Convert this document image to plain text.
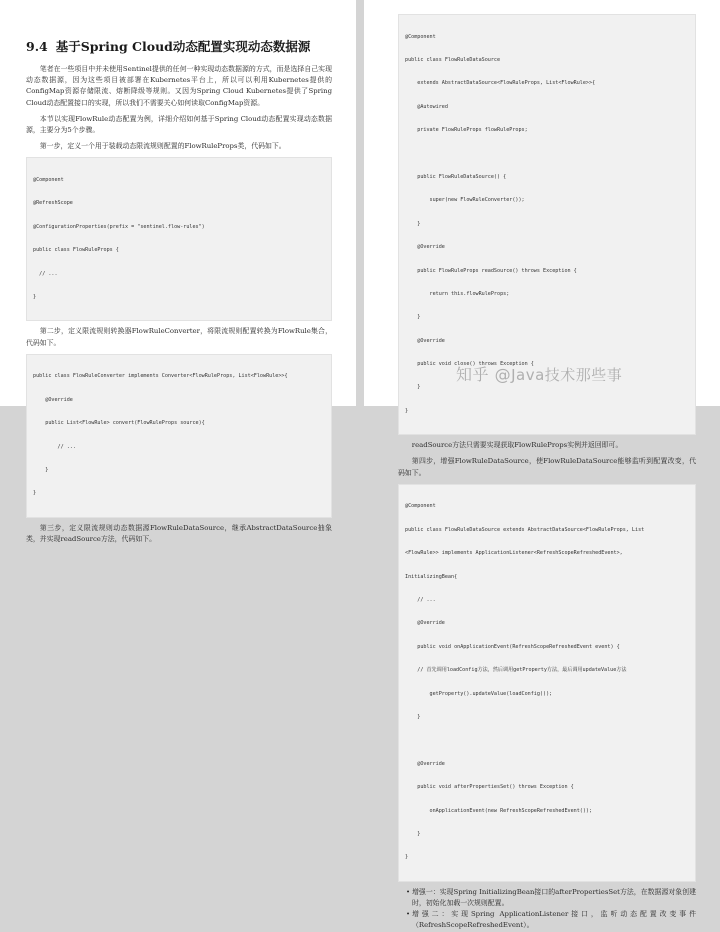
9.4 基于Spring Cloud动态配置实现动态数据源

笔者在一些项目中并未使用Sentinel提供的任何一种实现动态数据源的方式，而是选择自己实现动态数据源，因为这些项目被部署在Kubernetes平台上，所以可以利用Kubernetes提供的ConfigMap资源存储限流、熔断降级等规则。又因为Spring Cloud Kubernetes提供了Spring Cloud动态配置接口的实现，所以我们不需要关心如何读取ConfigMap资源。

本节以实现FlowRule动态配置为例，详细介绍如何基于Spring Cloud动态配置实现动态数据源，主要分为5个步骤。

第一步，定义一个用于装载动态限流规则配置的FlowRuleProps类，代码如下。

@Component

@RefreshScope

@ConfigurationProperties(prefix = "sentinel.flow-rules")

public class FlowRuleProps {

// ...

}

第二步，定义限流规则转换器FlowRuleConverter，将限流规则配置转换为FlowRule集合，代码如下。

public class FlowRuleConverter implements Converter<FlowRuleProps, List<FlowRule>>{

@Override

public List<FlowRule> convert(FlowRuleProps source){

// ...

}

}

第三步，定义限流规则动态数据源FlowRuleDataSource，继承AbstractDataSource抽象类，并实现readSource方法，代码如下。

@Component

public class FlowRuleDataSource

extends AbstractDataSource<FlowRuleProps, List<FlowRule>>{

@Autowired

private FlowRuleProps flowRuleProps;

public FlowRuleDataSource() {

super(new FlowRuleConverter());

}

@Override

public FlowRuleProps readSource() throws Exception {

return this.flowRuleProps;

}

@Override

public void close() throws Exception {

}

}

readSource方法只需要实现获取FlowRuleProps实例并返回即可。

第四步，增强FlowRuleDataSource，使FlowRuleDataSource能够监听到配置改变，代码如下。

@Component

public class FlowRuleDataSource extends AbstractDataSource<FlowRuleProps, List

<FlowRule>> implements ApplicationListener<RefreshScopeRefreshedEvent>,

InitializingBean{

// ...

@Override

public void onApplicationEvent(RefreshScopeRefreshedEvent event) {

// 首先调用loadConfig方法，然后调用getProperty方法，最后调用updateValue方法

getProperty().updateValue(loadConfig());

}

@Override

public void afterPropertiesSet() throws Exception {

onApplicationEvent(new RefreshScopeRefreshedEvent());

}

}

• 增强一：实现Spring InitializingBean接口的afterPropertiesSet方法，在数据源对象创建时，初始化加载一次规则配置。

• 增强二：实现Spring ApplicationListener接口，监听动态配置改变事件（RefreshScopeRefreshedEvent）。

知乎 @Java技术那些事
